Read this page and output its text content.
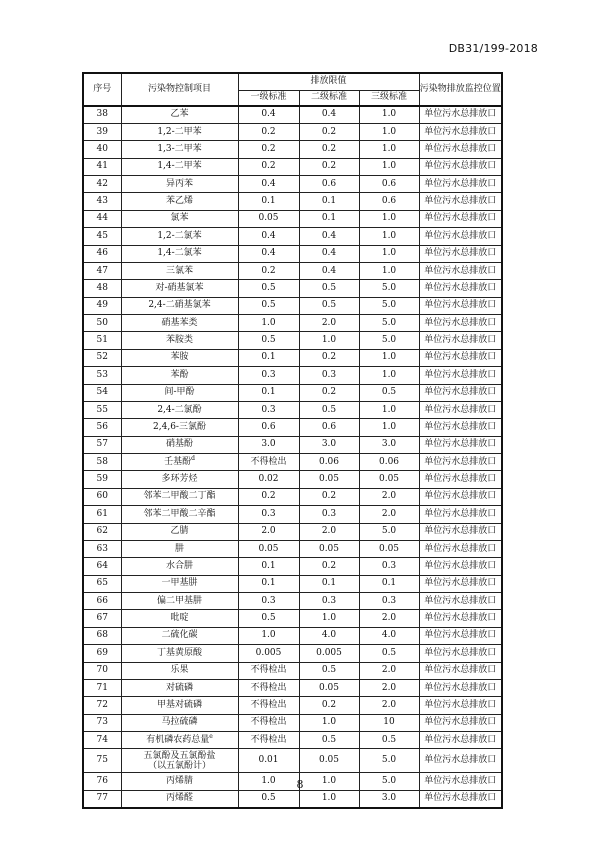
DB31/199-2018
序号	污染物控制项目	排放限值			污染物排放监控位置
		一级标准	二级标准	三级标准	
38	乙苯	0.4	0.4	1.0	单位污水总排放口
39	1,2-二甲苯	0.2	0.2	1.0	单位污水总排放口
40	1,3-二甲苯	0.2	0.2	1.0	单位污水总排放口
41	1,4-二甲苯	0.2	0.2	1.0	单位污水总排放口
42	异丙苯	0.4	0.6	0.6	单位污水总排放口
43	苯乙烯	0.1	0.1	0.6	单位污水总排放口
44	氯苯	0.05	0.1	1.0	单位污水总排放口
45	1,2-二氯苯	0.4	0.4	1.0	单位污水总排放口
46	1,4-二氯苯	0.4	0.4	1.0	单位污水总排放口
47	三氯苯	0.2	0.4	1.0	单位污水总排放口
48	对-硝基氯苯	0.5	0.5	5.0	单位污水总排放口
49	2,4-二硝基氯苯	0.5	0.5	5.0	单位污水总排放口
50	硝基苯类	1.0	2.0	5.0	单位污水总排放口
51	苯胺类	0.5	1.0	5.0	单位污水总排放口
52	苯胺	0.1	0.2	1.0	单位污水总排放口
53	苯酚	0.3	0.3	1.0	单位污水总排放口
54	间-甲酚	0.1	0.2	0.5	单位污水总排放口
55	2,4-二氯酚	0.3	0.5	1.0	单位污水总排放口
56	2,4,6-三氯酚	0.6	0.6	1.0	单位污水总排放口
57	硝基酚	3.0	3.0	3.0	单位污水总排放口
58	壬基酚$^d$	不得检出	0.06	0.06	单位污水总排放口
59	多环芳烃	0.02	0.05	0.05	单位污水总排放口
60	邻苯二甲酸二丁酯	0.2	0.2	2.0	单位污水总排放口
61	邻苯二甲酸二辛酯	0.3	0.3	2.0	单位污水总排放口
62	乙腈	2.0	2.0	5.0	单位污水总排放口
63	肼	0.05	0.05	0.05	单位污水总排放口
64	水合肼	0.1	0.2	0.3	单位污水总排放口
65	一甲基肼	0.1	0.1	0.1	单位污水总排放口
66	偏二甲基肼	0.3	0.3	0.3	单位污水总排放口
67	吡啶	0.5	1.0	2.0	单位污水总排放口
68	二硫化碳	1.0	4.0	4.0	单位污水总排放口
69	丁基黄原酸	0.005	0.005	0.5	单位污水总排放口
70	乐果	不得检出	0.5	2.0	单位污水总排放口
71	对硫磷	不得检出	0.05	2.0	单位污水总排放口
72	甲基对硫磷	不得检出	0.2	2.0	单位污水总排放口
73	马拉硫磷	不得检出	1.0	10	单位污水总排放口
74	有机磷农药总量$^e$	不得检出	0.5	0.5	单位污水总排放口
75	五氯酚及五氯酚盐
（以五氯酚计）	0.01	0.05	5.0	单位污水总排放口
76	丙烯腈	1.0	1.0	5.0	单位污水总排放口
77	丙烯醛	0.5	1.0	3.0	单位污水总排放口
8
